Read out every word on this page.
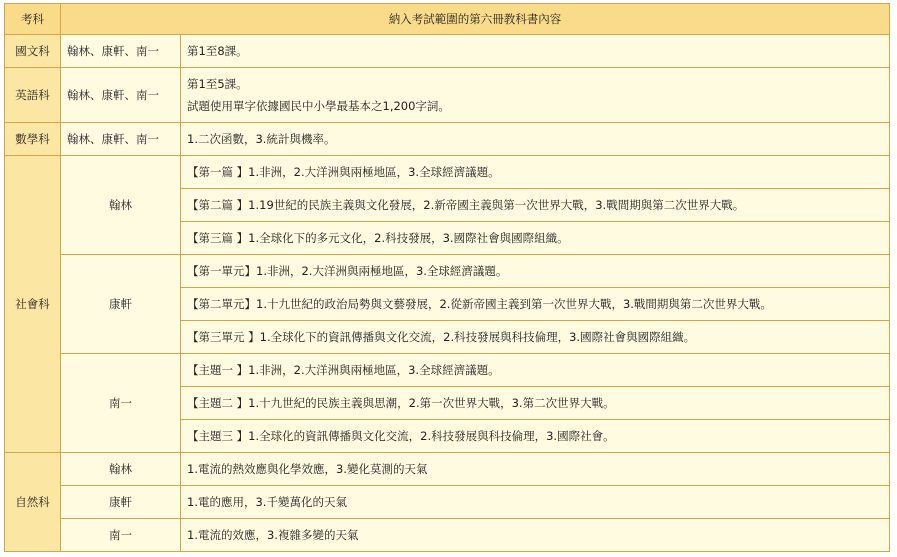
考科	納入考試範圍的第六冊教科書內容	
國文科	翰林、康軒、南一	第1至8課。
英語科	翰林、康軒、南一	第1至5課。
試題使用單字依據國民中小學最基本之1,200字詞。

數學科	翰林、康軒、南一	1.二次函數，3.統計與機率。
社會科	翰林	【第一篇 】1.非洲，2.大洋洲與兩極地區，3.全球經濟議題。
		【第二篇 】1.19世紀的民族主義與文化發展，2.新帝國主義與第一次世界大戰，3.戰間期與第二次世界大戰。
		【第三篇 】1.全球化下的多元文化，2.科技發展，3.國際社會與國際組織。
	康軒	【第一單元】1.非洲，2.大洋洲與兩極地區，3.全球經濟議題。
		【第二單元】1.十九世紀的政治局勢與文藝發展，2.從新帝國主義到第一次世界大戰，3.戰間期與第二次世界大戰。
		【第三單元 】1.全球化下的資訊傳播與文化交流，2.科技發展與科技倫理，3.國際社會與國際組織。
	南一	【主題一 】1.非洲，2.大洋洲與兩極地區，3.全球經濟議題。
		【主題二 】1.十九世紀的民族主義與思潮，2.第一次世界大戰，3.第二次世界大戰。
		【主題三 】1.全球化的資訊傳播與文化交流，2.科技發展與科技倫理，3.國際社會。
自然科	翰林	1.電流的熱效應與化學效應，3.變化莫測的天氣
	康軒	1.電的應用，3.千變萬化的天氣
	南一	1.電流的效應，3.複雜多變的天氣
